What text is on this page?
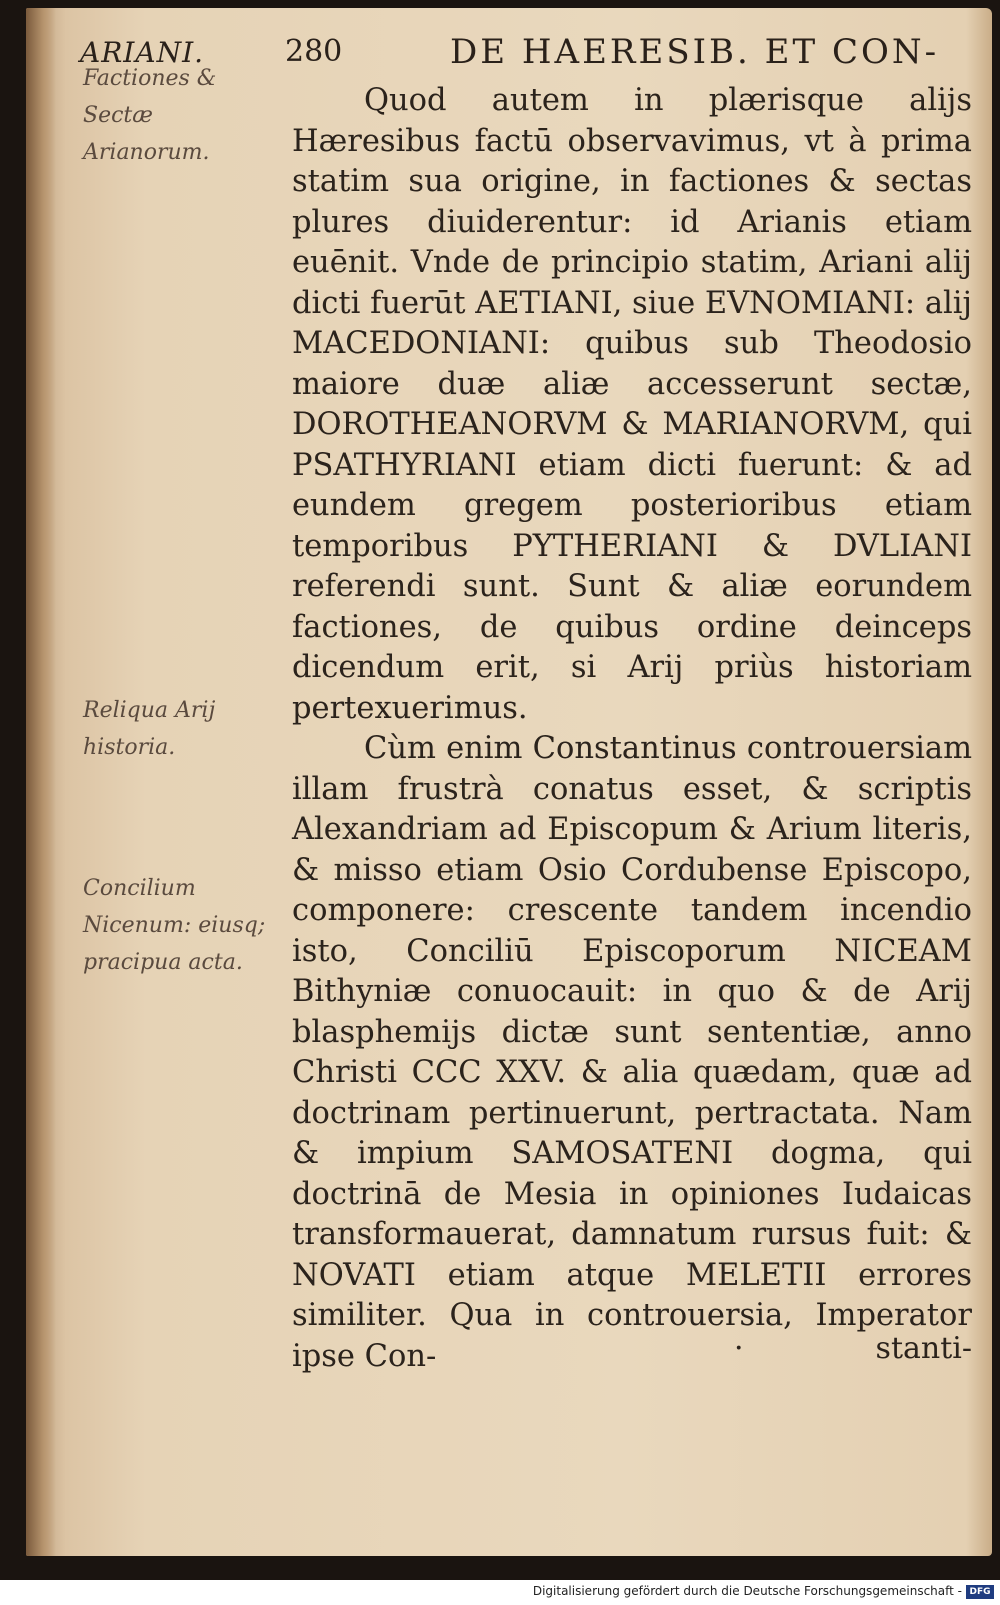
ARIANI.	280	DE HAERESIB. ET CON-
Factiones & Sectæ Arianorum.
Reliqua Arij historia.
Concilium Nicenum: eiusq; pracipua acta.

Quod autem in plærisque alijs Hæresibus factū observavimus, vt à prima statim sua origine, in factiones & sectas plures diuiderentur: id Arianis etiam euēnit. Vnde de principio statim, Ariani alij dicti fuerūt AETIANI, siue EVNOMIANI: alij MACEDONIANI: quibus sub Theodosio maiore duæ aliæ accesserunt sectæ, DOROTHEANORVM & MARIANORVM, qui PSATHYRIANI etiam dicti fuerunt: & ad eundem gregem posterioribus etiam temporibus PYTHERIANI & DVLIANI referendi sunt. Sunt & aliæ eorundem factiones, de quibus ordine deinceps dicendum erit, si Arij priùs historiam pertexuerimus.

Cùm enim Constantinus controuersiam illam frustrà conatus esset, & scriptis Alexandriam ad Episcopum & Arium literis, & misso etiam Osio Cordubense Episcopo, componere: crescente tandem incendio isto, Conciliū Episcoporum NICEAM Bithyniæ conuocauit: in quo & de Arij blasphemijs dictæ sunt sententiæ, anno Christi CCC XXV. & alia quædam, quæ ad doctrinam pertinuerunt, pertractata. Nam & impium SAMOSATENI dogma, qui doctrinā de Mesia in opiniones Iudaicas transformauerat, damnatum rursus fuit: & NOVATI etiam atque MELETII errores similiter. Qua in controuersia, Imperator ipse Con-	·	stanti-
Digitalisierung gefördert durch die Deutsche Forschungsgemeinschaft - DFG
